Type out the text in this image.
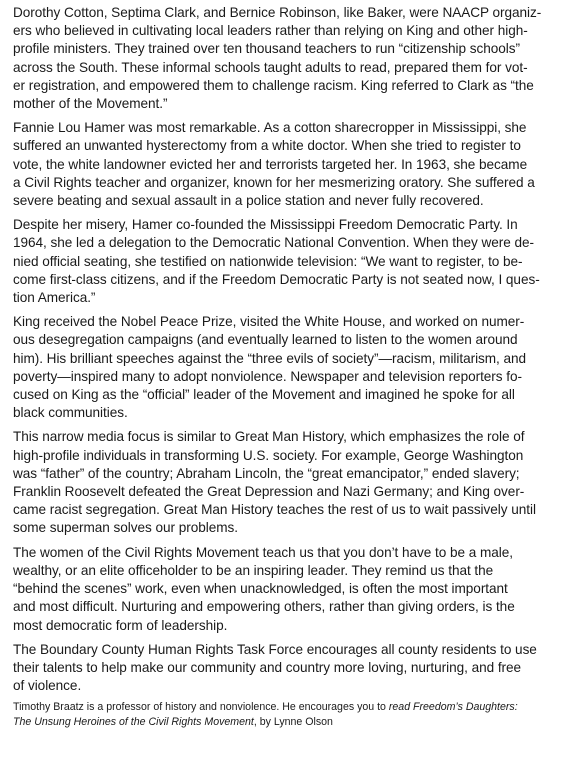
Dorothy Cotton, Septima Clark, and Bernice Robinson, like Baker, were NAACP organiz-
ers who believed in cultivating local leaders rather than relying on King and other high-
profile ministers. They trained over ten thousand teachers to run “citizenship schools”
across the South. These informal schools taught adults to read, prepared them for vot-
er registration, and empowered them to challenge racism. King referred to Clark as “the
mother of the Movement.”

Fannie Lou Hamer was most remarkable. As a cotton sharecropper in Mississippi, she
suffered an unwanted hysterectomy from a white doctor. When she tried to register to
vote, the white landowner evicted her and terrorists targeted her. In 1963, she became
a Civil Rights teacher and organizer, known for her mesmerizing oratory. She suffered a
severe beating and sexual assault in a police station and never fully recovered.

Despite her misery, Hamer co-founded the Mississippi Freedom Democratic Party. In
1964, she led a delegation to the Democratic National Convention. When they were de-
nied official seating, she testified on nationwide television: “We want to register, to be-
come first-class citizens, and if the Freedom Democratic Party is not seated now, I ques-
tion America.”

King received the Nobel Peace Prize, visited the White House, and worked on numer-
ous desegregation campaigns (and eventually learned to listen to the women around
him). His brilliant speeches against the “three evils of society”—racism, militarism, and
poverty—inspired many to adopt nonviolence. Newspaper and television reporters fo-
cused on King as the “official” leader of the Movement and imagined he spoke for all
black communities.

This narrow media focus is similar to Great Man History, which emphasizes the role of
high-profile individuals in transforming U.S. society. For example, George Washington
was “father” of the country; Abraham Lincoln, the “great emancipator,” ended slavery;
Franklin Roosevelt defeated the Great Depression and Nazi Germany; and King over-
came racist segregation. Great Man History teaches the rest of us to wait passively until
some superman solves our problems.

The women of the Civil Rights Movement teach us that you don’t have to be a male,
wealthy, or an elite officeholder to be an inspiring leader. They remind us that the
“behind the scenes” work, even when unacknowledged, is often the most important
and most difficult. Nurturing and empowering others, rather than giving orders, is the
most democratic form of leadership.

The Boundary County Human Rights Task Force encourages all county residents to use
their talents to help make our community and country more loving, nurturing, and free
of violence.

Timothy Braatz is a professor of history and nonviolence. He encourages you to read Freedom’s Daughters:
The Unsung Heroines of the Civil Rights Movement, by Lynne Olson
